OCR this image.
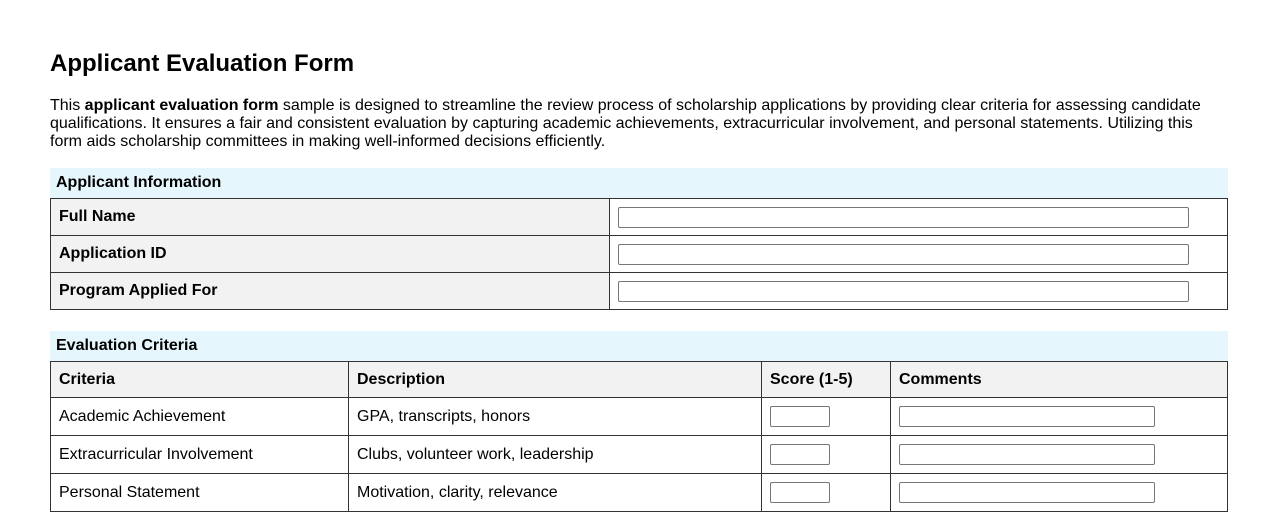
Applicant Evaluation Form

This applicant evaluation form sample is designed to streamline the review process of scholarship applications by providing clear criteria for assessing candidate qualifications. It ensures a fair and consistent evaluation by capturing academic achievements, extracurricular involvement, and personal statements. Utilizing this form aids scholarship committees in making well-informed decisions efficiently.

Applicant Information
Full Name	

Application ID	

Program Applied For	
Evaluation Criteria
Criteria	Description	Score (1-5)	Comments
Academic Achievement	GPA, transcripts, honors	

Extracurricular Involvement	Clubs, volunteer work, leadership	

Personal Statement	Motivation, clarity, relevance	
